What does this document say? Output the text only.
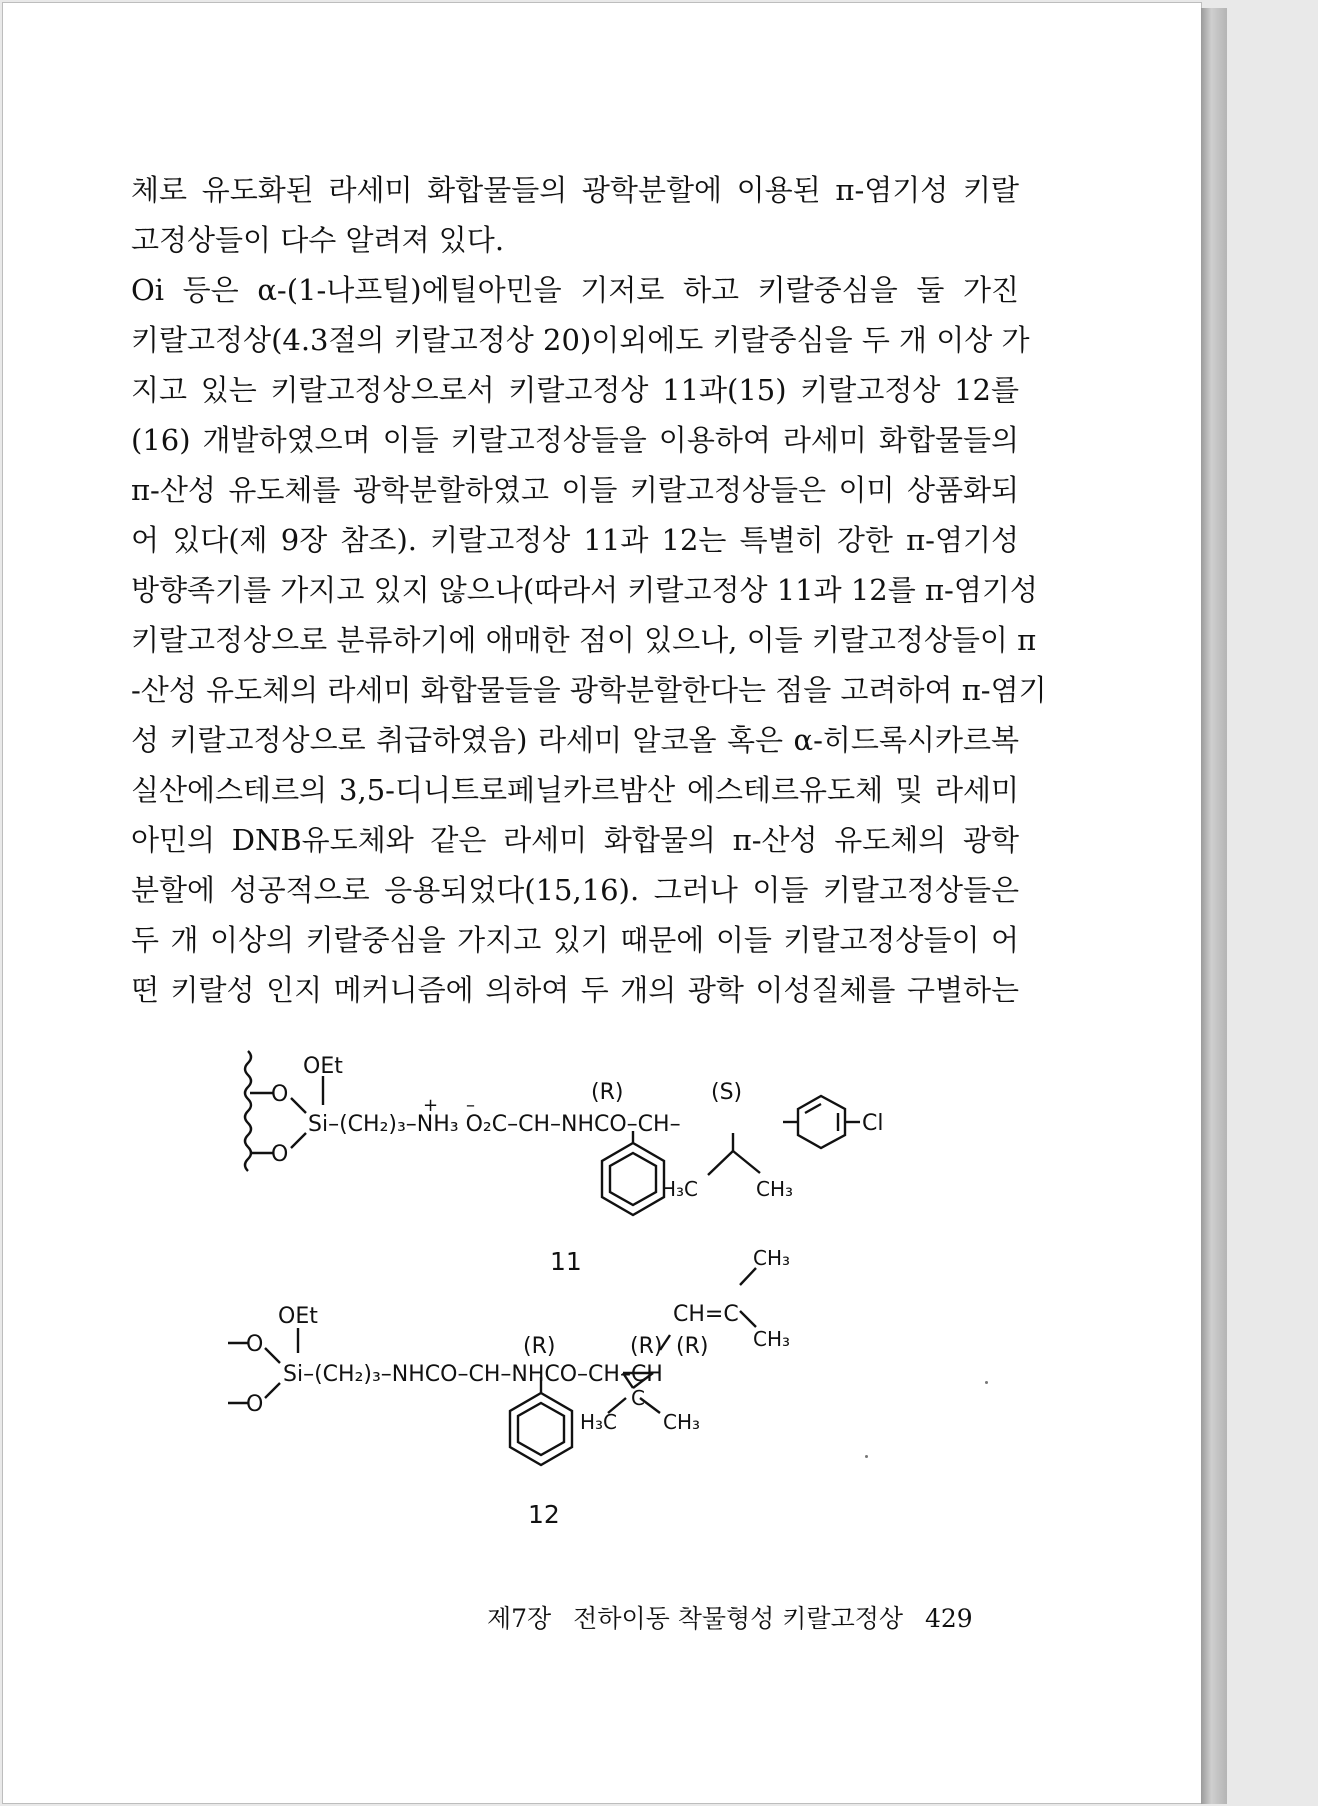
체로 유도화된 라세미 화합물들의 광학분할에 이용된 π-염기성 키랄
고정상들이 다수 알려져 있다.
Oi 등은 α-(1-나프틸)에틸아민을 기저로 하고 키랄중심을 둘 가진
키랄고정상(4.3절의 키랄고정상 20)이외에도 키랄중심을 두 개 이상 가
지고 있는 키랄고정상으로서 키랄고정상 11과(15) 키랄고정상 12를
(16) 개발하였으며 이들 키랄고정상들을 이용하여 라세미 화합물들의
π-산성 유도체를 광학분할하였고 이들 키랄고정상들은 이미 상품화되
어 있다(제 9장 참조). 키랄고정상 11과 12는 특별히 강한 π-염기성
방향족기를 가지고 있지 않으나(따라서 키랄고정상 11과 12를 π-염기성
키랄고정상으로 분류하기에 애매한 점이 있으나, 이들 키랄고정상들이 π
-산성 유도체의 라세미 화합물들을 광학분할한다는 점을 고려하여 π-염기
성 키랄고정상으로 취급하였음) 라세미 알코올 혹은 α-히드록시카르복
실산에스테르의 3,5-디니트로페닐카르밤산 에스테르유도체 및 라세미
아민의 DNB유도체와 같은 라세미 화합물의 π-산성 유도체의 광학
분할에 성공적으로 응용되었다(15,16). 그러나 이들 키랄고정상들은
두 개 이상의 키랄중심을 가지고 있기 때문에 이들 키랄고정상들이 어
떤 키랄성 인지 메커니즘에 의하여 두 개의 광학 이성질체를 구별하는
OEt
O
O
Si–(CH₂)₃–NH₃ O₂C–CH–NHCO–CH–
+ –
(R)	(S)
Cl
H₃C	CH₃
11
OEt
O
O
Si–(CH₂)₃–NHCO–CH–NHCO–CH–CH
(R)	(R) (R)
C
CH=C
CH₃
CH₃
H₃C CH₃
12
제7장 전하이동 착물형성 키랄고정상 429
